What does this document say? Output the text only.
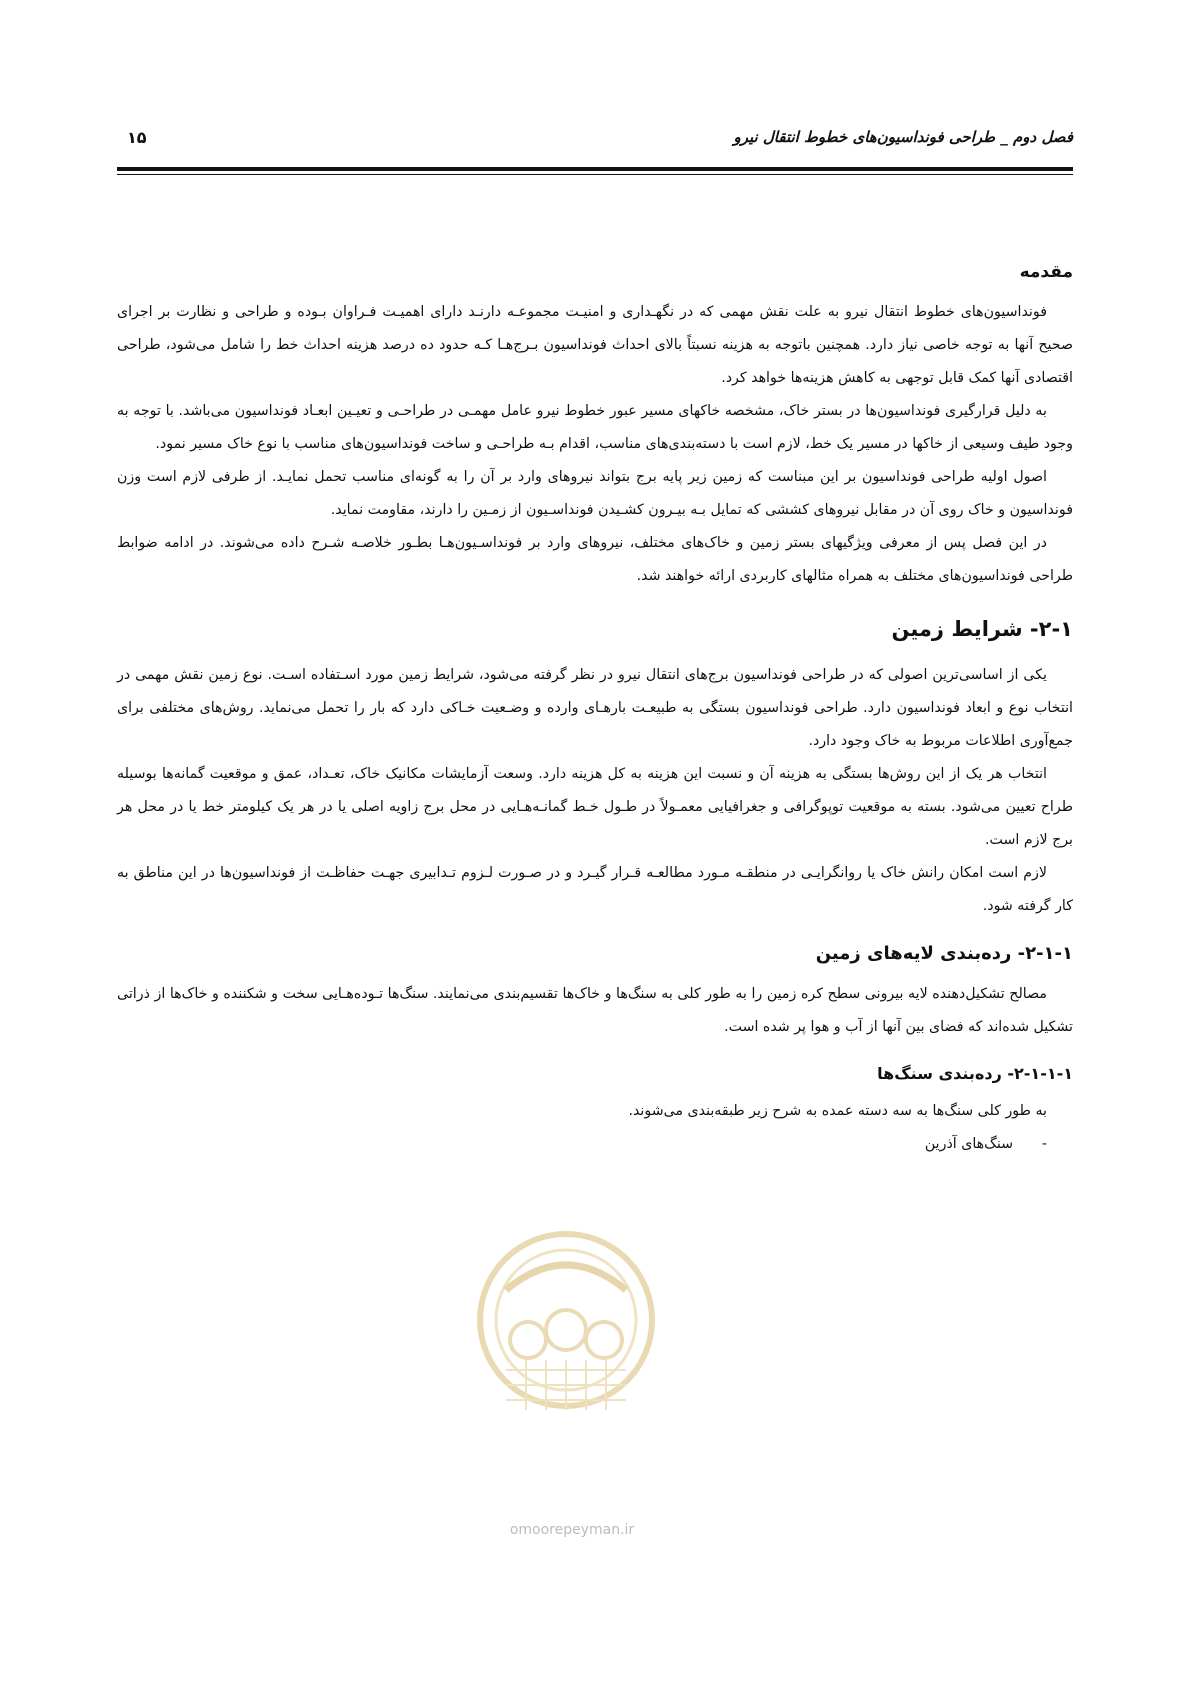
فصل دوم _ طراحی فونداسیون‌های خطوط انتقال نیرو
۱۵
مقدمه

فونداسیون‌های خطوط انتقال نیرو به علت نقش مهمی که در نگهـداری و امنیـت مجموعـه دارنـد دارای اهمیـت فـراوان بـوده و طراحی و نظارت بر اجرای صحیح آنها به توجه خاصی نیاز دارد. همچنین باتوجه به هزینه نسبتاً بالای احداث فونداسیون بـرج‌هـا کـه حدود ده درصد هزینه احداث خط را شامل می‌شود، طراحی اقتصادی آنها کمک قابل توجهی به کاهش هزینه‌ها خواهد کرد.

به دلیل قرارگیری فونداسیون‌ها در بستر خاک، مشخصه خاکهای مسیر عبور خطوط نیرو عامل مهمـی در طراحـی و تعیـین ابعـاد فونداسیون می‌باشد. با توجه به وجود طیف وسیعی از خاکها در مسیر یک خط، لازم است با دسته‌بندی‌های مناسب، اقدام بـه طراحـی و ساخت فونداسیون‌های مناسب با نوع خاک مسیر نمود.

اصول اولیه طراحی فونداسیون بر این مبناست که زمین زیر پایه برج بتواند نیروهای وارد بر آن را به گونه‌ای مناسب تحمل نمایـد. از طرفی لازم است وزن فونداسیون و خاک روی آن در مقابل نیروهای کششی که تمایل بـه بیـرون کشـیدن فونداسـیون از زمـین را دارند، مقاومت نماید.

در این فصل پس از معرفی ویژگیهای بستر زمین و خاک‌های مختلف، نیروهای وارد بر فونداسـیون‌هـا بطـور خلاصـه شـرح داده می‌شوند. در ادامه ضوابط طراحی فونداسیون‌های مختلف به همراه مثالهای کاربردی ارائه خواهند شد.

۲-۱- شرایط زمین

یکی از اساسی‌ترین اصولی که در طراحی فونداسیون برج‌های انتقال نیرو در نظر گرفته می‌شود، شرایط زمین مورد اسـتفاده اسـت. نوع زمین نقش مهمی در انتخاب نوع و ابعاد فونداسیون دارد. طراحی فونداسیون بستگی به طبیعـت بارهـای وارده و وضـعیت خـاکی دارد که بار را تحمل می‌نماید. روش‌های مختلفی برای جمع‌آوری اطلاعات مربوط به خاک وجود دارد.

انتخاب هر یک از این روش‌ها بستگی به هزینه آن و نسبت این هزینه به کل هزینه دارد. وسعت آزمایشات مکانیک خاک، تعـداد، عمق و موقعیت گمانه‌ها بوسیله طراح تعیین می‌شود. بسته به موقعیت توپوگرافی و جغرافیایی معمـولاً در طـول خـط گمانـه‌هـایی در محل برج زاویه اصلی یا در هر یک کیلومتر خط یا در محل هر برج لازم است.

لازم است امکان رانش خاک یا روانگرایـی در منطقـه مـورد مطالعـه قـرار گیـرد و در صـورت لـزوم تـدابیری جهـت حفاظـت از فونداسیون‌ها در این مناطق به کار گرفته شود.

۲-۱-۱- رده‌بندی لایه‌های زمین

مصالح تشکیل‌دهنده لایه بیرونی سطح کره زمین را به طور کلی به سنگ‌ها و خاک‌ها تقسیم‌بندی می‌نمایند. سنگ‌ها تـوده‌هـایی سخت و شکننده و خاک‌ها از ذراتی تشکیل شده‌اند که فضای بین آنها از آب و هوا پر شده است.

۲-۱-۱-۱- رده‌بندی سنگ‌ها

به طور کلی سنگ‌ها به سه دسته عمده به شرح زیر طبقه‌بندی می‌شوند.

-سنگ‌های آذرین
omoorepeyman.ir
